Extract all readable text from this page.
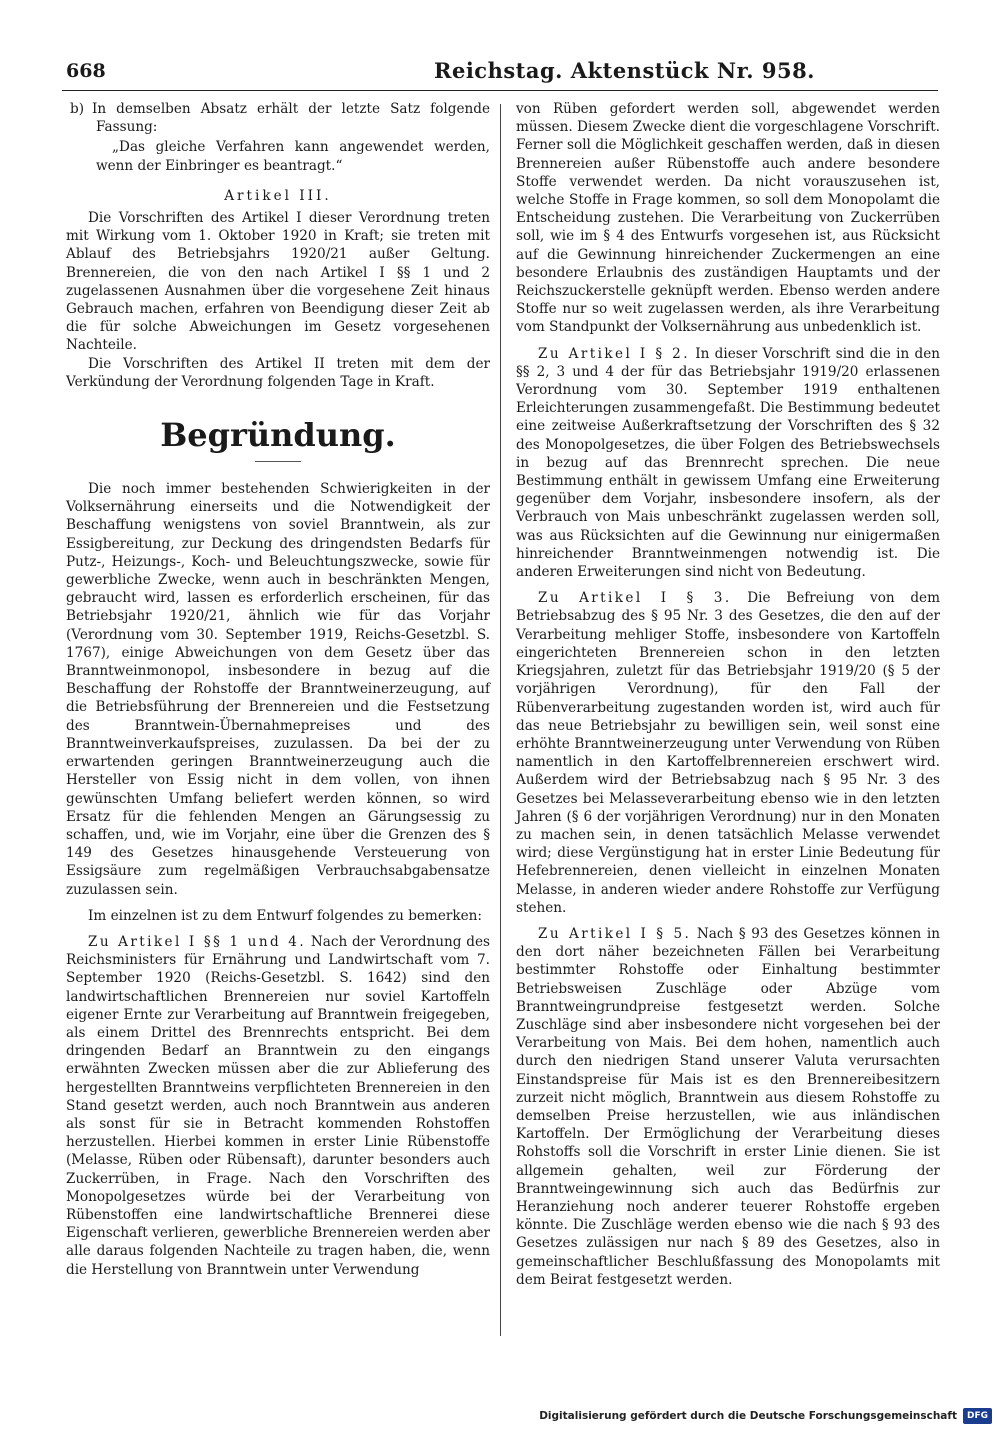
668	Reichstag. Aktenstück Nr. 958.

b) In demselben Absatz erhält der letzte Satz folgende Fassung:

„Das gleiche Verfahren kann angewendet werden, wenn der Einbringer es beantragt.“

Artikel III.

Die Vorschriften des Artikel I dieser Verordnung treten mit Wirkung vom 1. Oktober 1920 in Kraft; sie treten mit Ablauf des Betriebsjahrs 1920/21 außer Geltung. Brennereien, die von den nach Artikel I §§ 1 und 2 zugelassenen Ausnahmen über die vorgesehene Zeit hinaus Gebrauch machen, erfahren von Beendigung dieser Zeit ab die für solche Abweichungen im Gesetz vorgesehenen Nachteile.

Die Vorschriften des Artikel II treten mit dem der Verkündung der Verordnung folgenden Tage in Kraft.

Begründung.

Die noch immer bestehenden Schwierigkeiten in der Volksernährung einerseits und die Notwendigkeit der Beschaffung wenigstens von soviel Branntwein, als zur Essigbereitung, zur Deckung des dringendsten Bedarfs für Putz-, Heizungs-, Koch- und Beleuchtungszwecke, sowie für gewerbliche Zwecke, wenn auch in beschränkten Mengen, gebraucht wird, lassen es erforderlich erscheinen, für das Betriebsjahr 1920/21, ähnlich wie für das Vorjahr (Verordnung vom 30. September 1919, Reichs-Gesetzbl. S. 1767), einige Abweichungen von dem Gesetz über das Branntweinmonopol, insbesondere in bezug auf die Beschaffung der Rohstoffe der Branntweinerzeugung, auf die Betriebsführung der Brennereien und die Festsetzung des Branntwein-Übernahmepreises und des Branntweinverkaufspreises, zuzulassen. Da bei der zu erwartenden geringen Branntweinerzeugung auch die Hersteller von Essig nicht in dem vollen, von ihnen gewünschten Umfang beliefert werden können, so wird Ersatz für die fehlenden Mengen an Gärungsessig zu schaffen, und, wie im Vorjahr, eine über die Grenzen des § 149 des Gesetzes hinausgehende Versteuerung von Essigsäure zum regelmäßigen Verbrauchsabgabensatze zuzulassen sein.

Im einzelnen ist zu dem Entwurf folgendes zu bemerken:

Zu Artikel I §§ 1 und 4. Nach der Verordnung des Reichsministers für Ernährung und Landwirtschaft vom 7. September 1920 (Reichs-Gesetzbl. S. 1642) sind den landwirtschaftlichen Brennereien nur soviel Kartoffeln eigener Ernte zur Verarbeitung auf Branntwein freigegeben, als einem Drittel des Brennrechts entspricht. Bei dem dringenden Bedarf an Branntwein zu den eingangs erwähnten Zwecken müssen aber die zur Ablieferung des hergestellten Branntweins verpflichteten Brennereien in den Stand gesetzt werden, auch noch Branntwein aus anderen als sonst für sie in Betracht kommenden Rohstoffen herzustellen. Hierbei kommen in erster Linie Rübenstoffe (Melasse, Rüben oder Rübensaft), darunter besonders auch Zuckerrüben, in Frage. Nach den Vorschriften des Monopolgesetzes würde bei der Verarbeitung von Rübenstoffen eine landwirtschaftliche Brennerei diese Eigenschaft verlieren, gewerbliche Brennereien werden aber alle daraus folgenden Nachteile zu tragen haben, die, wenn die Herstellung von Branntwein unter Verwendung

von Rüben gefordert werden soll, abgewendet werden müssen. Diesem Zwecke dient die vorgeschlagene Vorschrift. Ferner soll die Möglichkeit geschaffen werden, daß in diesen Brennereien außer Rübenstoffe auch andere besondere Stoffe verwendet werden. Da nicht vorauszusehen ist, welche Stoffe in Frage kommen, so soll dem Monopolamt die Entscheidung zustehen. Die Verarbeitung von Zuckerrüben soll, wie im § 4 des Entwurfs vorgesehen ist, aus Rücksicht auf die Gewinnung hinreichender Zuckermengen an eine besondere Erlaubnis des zuständigen Hauptamts und der Reichszuckerstelle geknüpft werden. Ebenso werden andere Stoffe nur so weit zugelassen werden, als ihre Verarbeitung vom Standpunkt der Volksernährung aus unbedenklich ist.

Zu Artikel I § 2. In dieser Vorschrift sind die in den §§ 2, 3 und 4 der für das Betriebsjahr 1919/20 erlassenen Verordnung vom 30. September 1919 enthaltenen Erleichterungen zusammengefaßt. Die Bestimmung bedeutet eine zeitweise Außerkraftsetzung der Vorschriften des § 32 des Monopolgesetzes, die über Folgen des Betriebswechsels in bezug auf das Brennrecht sprechen. Die neue Bestimmung enthält in gewissem Umfang eine Erweiterung gegenüber dem Vorjahr, insbesondere insofern, als der Verbrauch von Mais unbeschränkt zugelassen werden soll, was aus Rücksichten auf die Gewinnung nur einigermaßen hinreichender Branntweinmengen notwendig ist. Die anderen Erweiterungen sind nicht von Bedeutung.

Zu Artikel I § 3. Die Befreiung von dem Betriebsabzug des § 95 Nr. 3 des Gesetzes, die den auf der Verarbeitung mehliger Stoffe, insbesondere von Kartoffeln eingerichteten Brennereien schon in den letzten Kriegsjahren, zuletzt für das Betriebsjahr 1919/20 (§ 5 der vorjährigen Verordnung), für den Fall der Rübenverarbeitung zugestanden worden ist, wird auch für das neue Betriebsjahr zu bewilligen sein, weil sonst eine erhöhte Branntweinerzeugung unter Verwendung von Rüben namentlich in den Kartoffelbrennereien erschwert wird. Außerdem wird der Betriebsabzug nach § 95 Nr. 3 des Gesetzes bei Melasseverarbeitung ebenso wie in den letzten Jahren (§ 6 der vorjährigen Verordnung) nur in den Monaten zu machen sein, in denen tatsächlich Melasse verwendet wird; diese Vergünstigung hat in erster Linie Bedeutung für Hefebrennereien, denen vielleicht in einzelnen Monaten Melasse, in anderen wieder andere Rohstoffe zur Verfügung stehen.

Zu Artikel I § 5. Nach § 93 des Gesetzes können in den dort näher bezeichneten Fällen bei Verarbeitung bestimmter Rohstoffe oder Einhaltung bestimmter Betriebsweisen Zuschläge oder Abzüge vom Branntweingrundpreise festgesetzt werden. Solche Zuschläge sind aber insbesondere nicht vorgesehen bei der Verarbeitung von Mais. Bei dem hohen, namentlich auch durch den niedrigen Stand unserer Valuta verursachten Einstandspreise für Mais ist es den Brennereibesitzern zurzeit nicht möglich, Branntwein aus diesem Rohstoffe zu demselben Preise herzustellen, wie aus inländischen Kartoffeln. Der Ermöglichung der Verarbeitung dieses Rohstoffs soll die Vorschrift in erster Linie dienen. Sie ist allgemein gehalten, weil zur Förderung der Branntweingewinnung sich auch das Bedürfnis zur Heranziehung noch anderer teuerer Rohstoffe ergeben könnte. Die Zuschläge werden ebenso wie die nach § 93 des Gesetzes zulässigen nur nach § 89 des Gesetzes, also in gemeinschaftlicher Beschlußfassung des Monopolamts mit dem Beirat festgesetzt werden.

Digitalisierung gefördert durch die Deutsche Forschungsgemeinschaft	DFG
